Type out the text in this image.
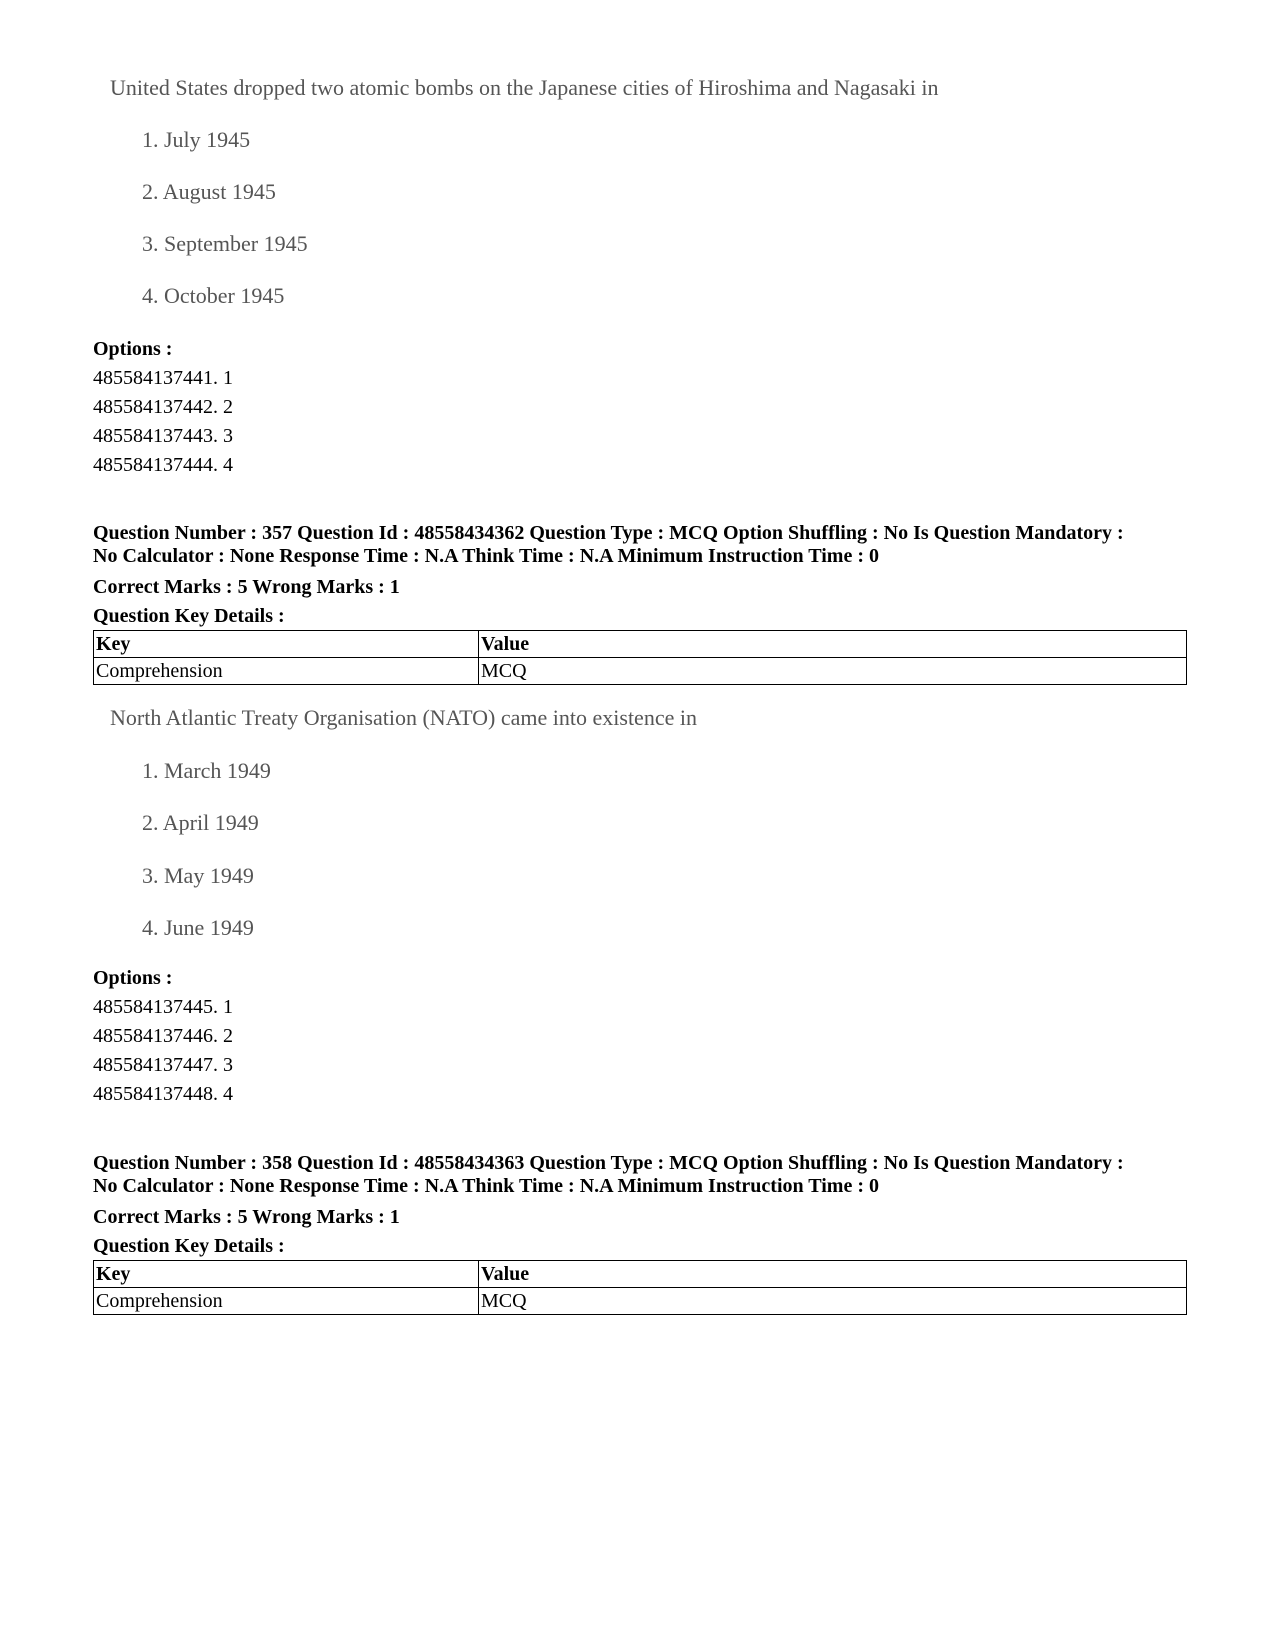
United States dropped two atomic bombs on the Japanese cities of Hiroshima and Nagasaki in

1. July 1945
2. August 1945
3. September 1945
4. October 1945
Options :
485584137441. 1
485584137442. 2
485584137443. 3
485584137444. 4
Question Number : 357 Question Id : 48558434362 Question Type : MCQ Option Shuffling : No Is Question Mandatory :
No Calculator : None Response Time : N.A Think Time : N.A Minimum Instruction Time : 0
Correct Marks : 5 Wrong Marks : 1
Question Key Details :
Key	Value
Comprehension	MCQ

North Atlantic Treaty Organisation (NATO) came into existence in

1. March 1949
2. April 1949
3. May 1949
4. June 1949
Options :
485584137445. 1
485584137446. 2
485584137447. 3
485584137448. 4
Question Number : 358 Question Id : 48558434363 Question Type : MCQ Option Shuffling : No Is Question Mandatory :
No Calculator : None Response Time : N.A Think Time : N.A Minimum Instruction Time : 0
Correct Marks : 5 Wrong Marks : 1
Question Key Details :
Key	Value
Comprehension	MCQ
